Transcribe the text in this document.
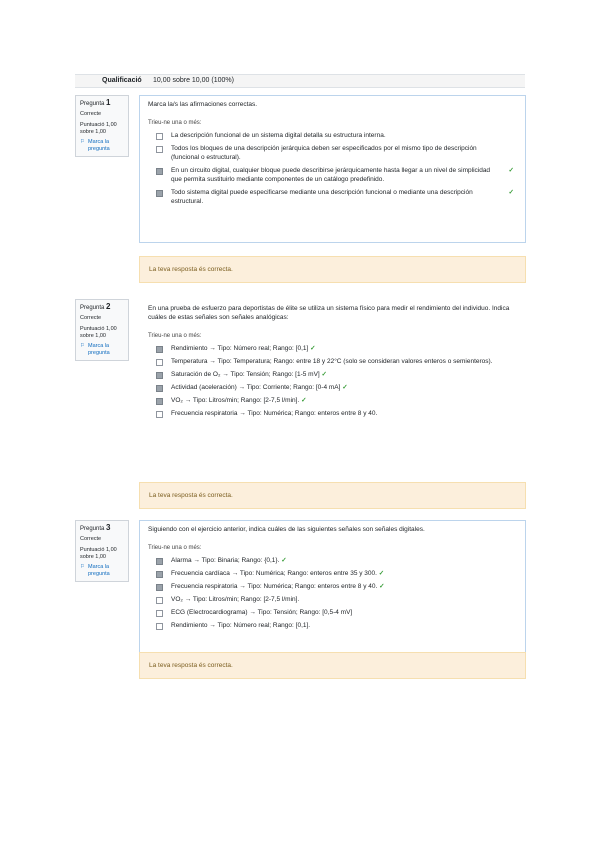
Qualificació 10,00 sobre 10,00 (100%)
Pregunta 1
Correcte
Puntuació 1,00 sobre 1,00
⚐ Marca la pregunta
Marca la/s las afirmaciones correctas.
Trieu-ne una o més:
La descripción funcional de un sistema digital detalla su estructura interna.
Todos los bloques de una descripción jerárquica deben ser especificados por el mismo tipo de descripción (funcional o estructural).
En un circuito digital, cualquier bloque puede describirse jerárquicamente hasta llegar a un nivel de simplicidad que permita sustituirlo mediante componentes de un catálogo predefinido.
✓
Todo sistema digital puede especificarse mediante una descripción funcional o mediante una descripción estructural.
✓
La teva resposta és correcta.
Pregunta 2
Correcte
Puntuació 1,00 sobre 1,00
⚐ Marca la pregunta
En una prueba de esfuerzo para deportistas de élite se utiliza un sistema físico para medir el rendimiento del individuo. Indica cuáles de estas señales son señales analógicas:
Trieu-ne una o més:
Rendimiento → Tipo: Número real; Rango: [0,1] ✓
Temperatura → Tipo: Temperatura; Rango: entre 18 y 22°C (solo se consideran valores enteros o semienteros).
Saturación de O₂ → Tipo: Tensión; Rango: [1-5 mV] ✓
Actividad (aceleración) → Tipo: Corriente; Rango: [0-4 mA] ✓
VO₂ → Tipo: Litros/min; Rango: [2-7,5 l/min]. ✓
Frecuencia respiratoria → Tipo: Numérica; Rango: enteros entre 8 y 40.
La teva resposta és correcta.
Pregunta 3
Correcte
Puntuació 1,00 sobre 1,00
⚐ Marca la pregunta
Siguiendo con el ejercicio anterior, indica cuáles de las siguientes señales son señales digitales.
Trieu-ne una o més:
Alarma → Tipo: Binaria; Rango: {0,1}. ✓
Frecuencia cardíaca → Tipo: Numérica; Rango: enteros entre 35 y 300. ✓
Frecuencia respiratoria → Tipo: Numérica; Rango: enteros entre 8 y 40. ✓
VO₂ → Tipo: Litros/min; Rango: [2-7,5 l/min].
ECG (Electrocardiograma) → Tipo: Tensión; Rango: [0,5-4 mV]
Rendimiento → Tipo: Número real; Rango: [0,1].
La teva resposta és correcta.
